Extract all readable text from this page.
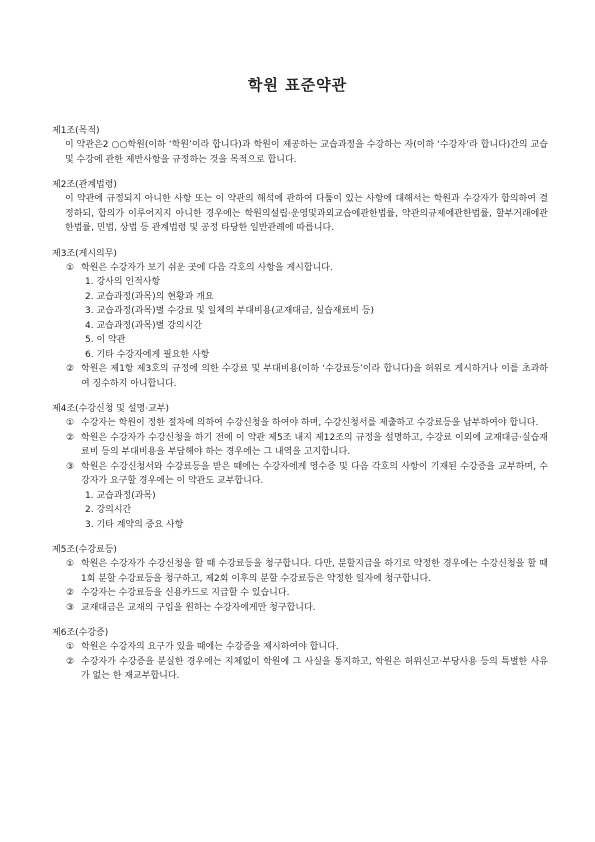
학원 표준약관

제1조(목적)

이 약관은2 ○○학원(이하 ‘학원’이라 합니다)과 학원이 제공하는 교습과정을 수강하는 자(이하 ‘수강자’라 합니다)간의 교습 및 수강에 관한 제반사항을 규정하는 것을 목적으로 합니다.

제2조(관계법령)

이 약관에 규정되지 아니한 사항 또는 이 약관의 해석에 관하여 다툼이 있는 사항에 대해서는 학원과 수강자가 합의하여 결정하되, 합의가 이루어지지 아니한 경우에는 학원의설립·운영및과외교습에관한법률, 약관의규제에관한법률, 할부거래에관한법률, 민법, 상법 등 관계법령 및 공정 타당한 일반관례에 따릅니다.

제3조(게시의무)

① 학원은 수강자가 보기 쉬운 곳에 다음 각호의 사항을 게시합니다.

1. 강사의 인적사항

2. 교습과정(과목)의 현황과 개요

3. 교습과정(과목)별 수강료 및 일체의 부대비용(교재대금, 실습재료비 등)

4. 교습과정(과목)별 강의시간

5. 이 약관

6. 기타 수강자에게 필요한 사항

② 학원은 제1항 제3호의 규정에 의한 수강료 및 부대비용(이하 ‘수강료등’이라 합니다)을 허위로 게시하거나 이를 초과하여 징수하지 아니합니다.

제4조(수강신청 및 설명·교부)

① 수강자는 학원이 정한 절차에 의하여 수강신청을 하여야 하며, 수강신청서를 제출하고 수강료등을 납부하여야 합니다.

② 학원은 수강자가 수강신청을 하기 전에 이 약관 제5조 내지 제12조의 규정을 설명하고, 수강료 이외에 교재대금·실습재료비 등의 부대비용을 부담해야 하는 경우에는 그 내역을 고지합니다.

③ 학원은 수강신청서와 수강료등을 받은 때에는 수강자에게 영수증 및 다음 각호의 사항이 기재된 수강증을 교부하며, 수강자가 요구할 경우에는 이 약관도 교부합니다.

1. 교습과정(과목)

2. 강의시간

3. 기타 계약의 중요 사항

제5조(수강료등)

① 학원은 수강자가 수강신청을 할 때 수강료등을 청구합니다. 다만, 분할지급을 하기로 약정한 경우에는 수강신청을 할 때 1회 분할 수강료등을 청구하고, 제2회 이후의 분할 수강료등은 약정한 일자에 청구합니다.

② 수강자는 수강료등을 신용카드로 지급할 수 있습니다.

③ 교재대금은 교재의 구입을 원하는 수강자에게만 청구합니다.

제6조(수강증)

① 학원은 수강자의 요구가 있을 때에는 수강증을 제시하여야 합니다.

② 수강자가 수강증을 분실한 경우에는 지체없이 학원에 그 사실을 통지하고, 학원은 허위신고·부당사용 등의 특별한 사유가 없는 한 재교부합니다.
